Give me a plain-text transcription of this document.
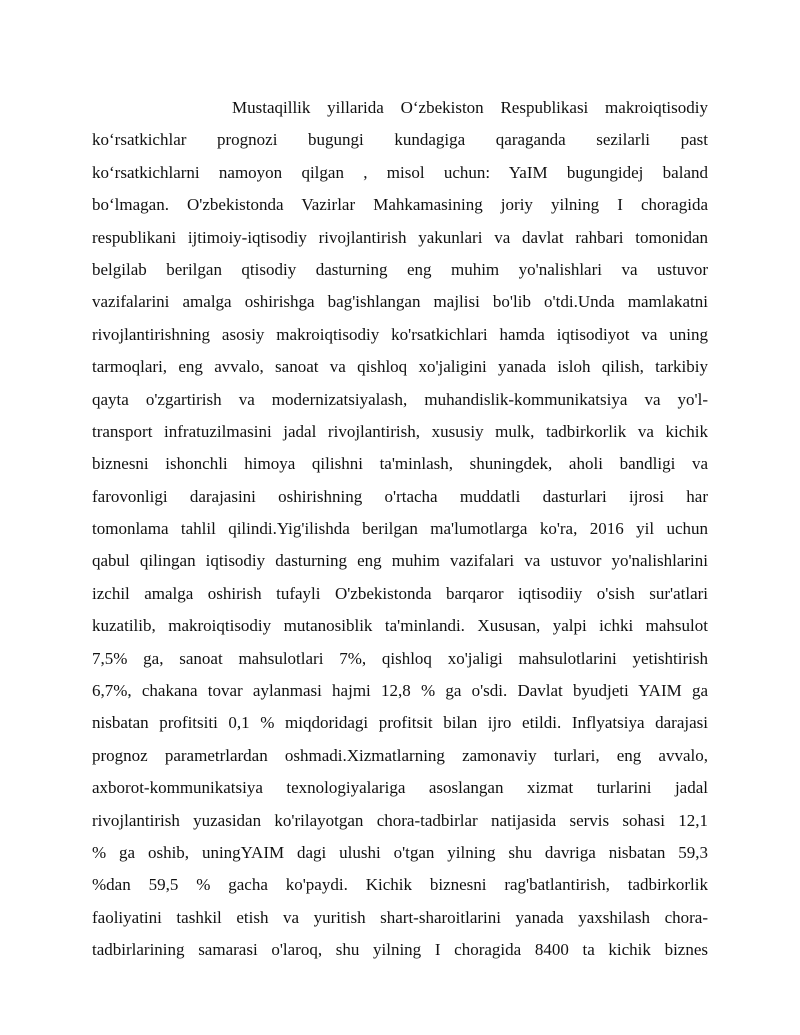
Mustaqillik yillarida O‘zbekiston Respublikasi makroiqtisodiy
ko‘rsatkichlar prognozi bugungi kundagiga qaraganda sezilarli past
ko‘rsatkichlarni namoyon qilgan , misol uchun: YaIM bugungidej baland
bo‘lmagan. O'zbekistonda Vazirlar Mahkamasining joriy yilning I choragida
respublikani ijtimoiy-iqtisodiy rivojlantirish yakunlari va davlat rahbari tomonidan
belgilab berilgan qtisodiy dasturning eng muhim yo'nalishlari va ustuvor
vazifalarini amalga oshirishga bag'ishlangan majlisi bo'lib o'tdi.Unda mamlakatni
rivojlantirishning asosiy makroiqtisodiy ko'rsatkichlari hamda iqtisodiyot va uning
tarmoqlari, eng avvalo, sanoat va qishloq xo'jaligini yanada isloh qilish, tarkibiy
qayta o'zgartirish va modernizatsiyalash, muhandislik-kommunikatsiya va yo'l-
transport infratuzilmasini jadal rivojlantirish, xususiy mulk, tadbirkorlik va kichik
biznesni ishonchli himoya qilishni ta'minlash, shuningdek, aholi bandligi va
farovonligi darajasini oshirishning o'rtacha muddatli dasturlari ijrosi har
tomonlama tahlil qilindi.Yig'ilishda berilgan ma'lumotlarga ko'ra, 2016 yil uchun
qabul qilingan iqtisodiy dasturning eng muhim vazifalari va ustuvor yo'nalishlarini
izchil amalga oshirish tufayli O'zbekistonda barqaror iqtisodiiy o'sish sur'atlari
kuzatilib, makroiqtisodiy mutanosiblik ta'minlandi. Xususan, yalpi ichki mahsulot
7,5% ga, sanoat mahsulotlari 7%, qishloq xo'jaligi mahsulotlarini yetishtirish
6,7%, chakana tovar aylanmasi hajmi 12,8 % ga o'sdi. Davlat byudjeti YAIM ga
nisbatan profitsiti 0,1 % miqdoridagi profitsit bilan ijro etildi. Inflyatsiya darajasi
prognoz parametrlardan oshmadi.Xizmatlarning zamonaviy turlari, eng avvalo,
axborot-kommunikatsiya texnologiyalariga asoslangan xizmat turlarini jadal
rivojlantirish yuzasidan ko'rilayotgan chora-tadbirlar natijasida servis sohasi 12,1
% ga oshib, uningYAIM dagi ulushi o'tgan yilning shu davriga nisbatan 59,3
%dan 59,5 % gacha ko'paydi. Kichik biznesni rag'batlantirish, tadbirkorlik
faoliyatini tashkil etish va yuritish shart-sharoitlarini yanada yaxshilash chora-
tadbirlarining samarasi o'laroq, shu yilning I choragida 8400 ta kichik biznes
